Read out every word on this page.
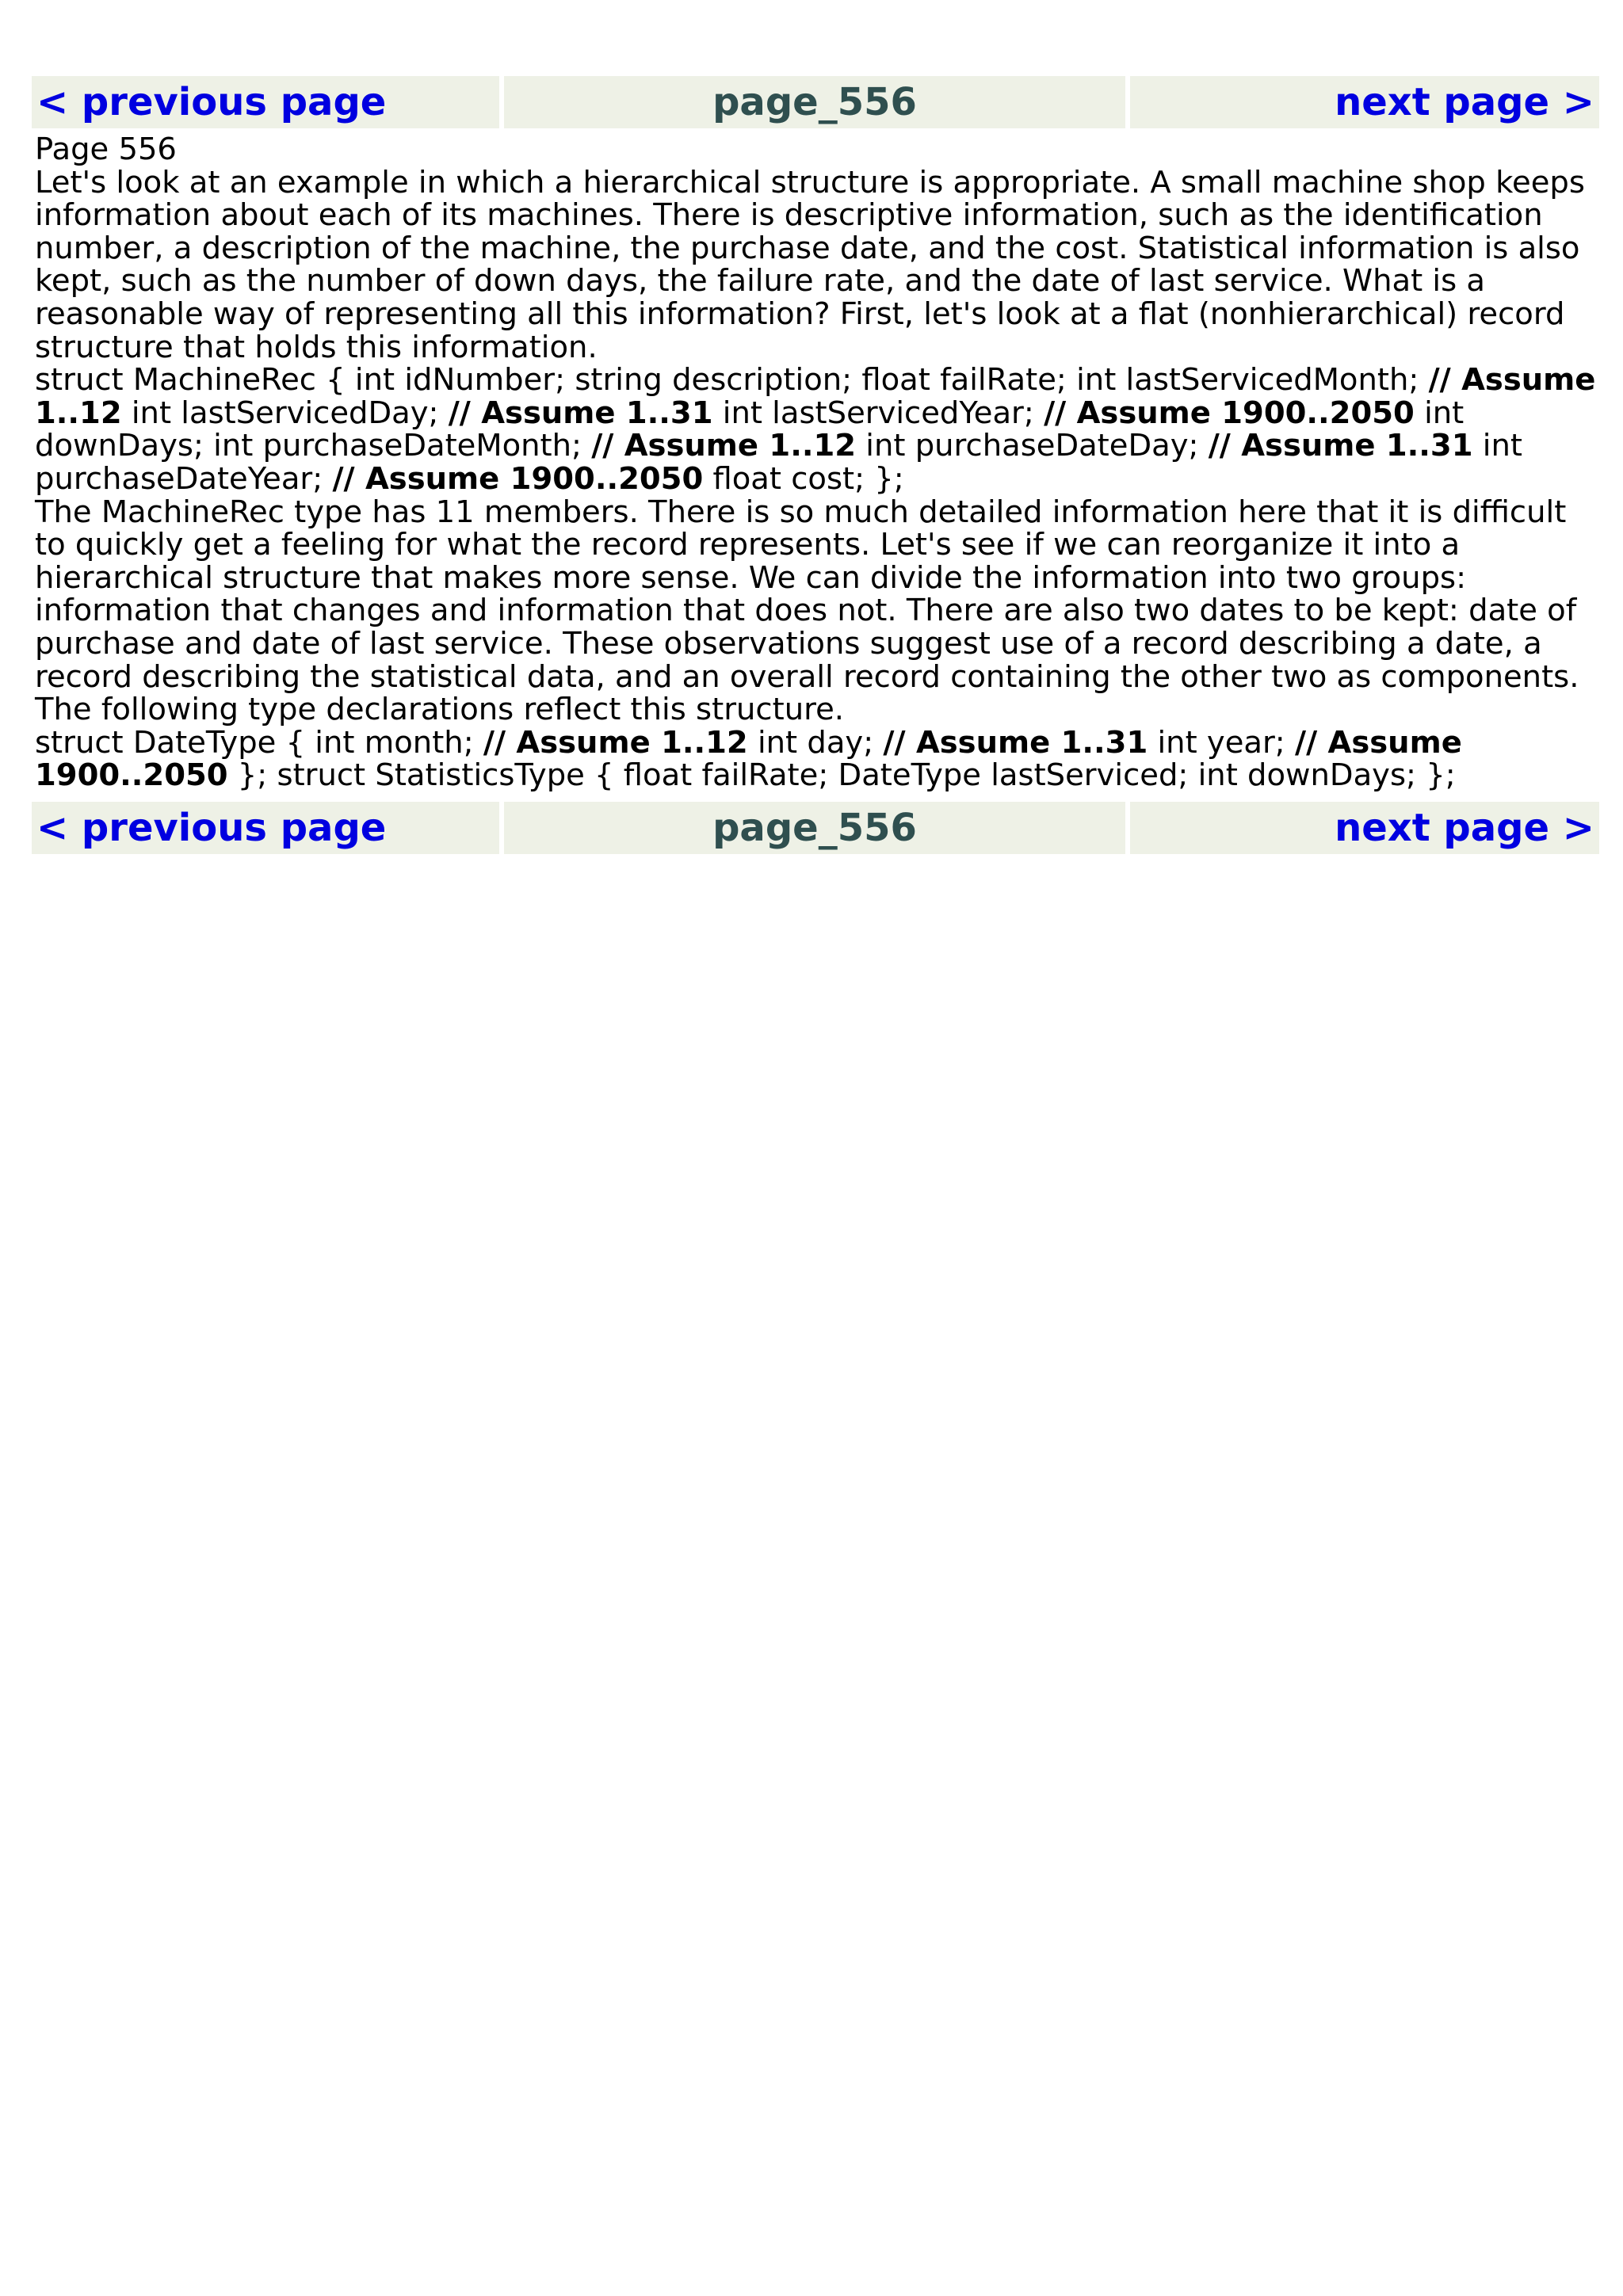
< previous page	page_556	next page >

Page 556

Let's look at an example in which a hierarchical structure is appropriate. A small machine shop keeps information about each of its machines. There is descriptive information, such as the identification number, a description of the machine, the purchase date, and the cost. Statistical information is also kept, such as the number of down days, the failure rate, and the date of last service. What is a reasonable way of representing all this information? First, let's look at a flat (nonhierarchical) record structure that holds this information.

struct MachineRec { int idNumber; string description; float failRate; int lastServicedMonth; // Assume 1..12 int lastServicedDay; // Assume 1..31 int lastServicedYear; // Assume 1900..2050 int downDays; int purchaseDateMonth; // Assume 1..12 int purchaseDateDay; // Assume 1..31 int purchaseDateYear; // Assume 1900..2050 float cost; };

The MachineRec type has 11 members. There is so much detailed information here that it is difficult to quickly get a feeling for what the record represents. Let's see if we can reorganize it into a hierarchical structure that makes more sense. We can divide the information into two groups: information that changes and information that does not. There are also two dates to be kept: date of purchase and date of last service. These observations suggest use of a record describing a date, a record describing the statistical data, and an overall record containing the other two as components. The following type declarations reflect this structure.

struct DateType { int month; // Assume 1..12 int day; // Assume 1..31 int year; // Assume 1900..2050 }; struct StatisticsType { float failRate; DateType lastServiced; int downDays; };

< previous page	page_556	next page >
